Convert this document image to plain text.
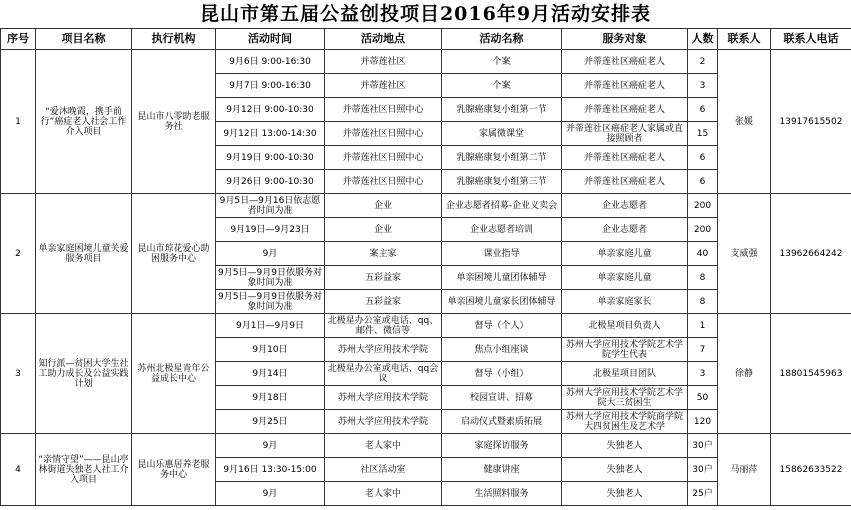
昆山市第五届公益创投项目2016年9月活动安排表
序号	项目名称	执行机构	活动时间	活动地点	活动名称	服务对象	人数	联系人	联系人电话
1	“爱沐晚霞，携手前行”癌症老人社会工作介入项目	昆山市八零助老服务社	9月6日 9:00-16:30	并蒂莲社区	个案	并蒂莲社区癌症老人	2	张媛	13917615502
			9月7日 9:00-16:30	并蒂莲社区	个案	并蒂莲社区癌症老人	3		
			9月12日 9:00-10:30	并蒂莲社区日照中心	乳腺癌康复小组第一节	并蒂莲社区癌症老人	6		
			9月12日 13:00-14:30	并蒂莲社区日照中心	家属微课堂	并蒂莲社区癌症老人家属或直接照顾者	15		
			9月19日 9:00-10:30	并蒂莲社区日照中心	乳腺癌康复小组第二节	并蒂莲社区癌症老人	6		
			9月26日 9:00-10:30	并蒂莲社区日照中心	乳腺癌康复小组第三节	并蒂莲社区癌症老人	6		
2	单亲家庭困境儿童关爱服务项目	昆山市琼花爱心助困服务中心	9月5日—9月16日依志愿者时间为准	企业	企业志愿者招募-企业义卖会	企业志愿者	200	支威强	13962664242
			9月19日—9月23日	企业	企业志愿者培训	企业志愿者	200		
			9月	案主家	课业指导	单亲家庭儿童	40		
			9月5日—9月9日依服务对象时间为准	五彩益家	单亲困境儿童团体辅导	单亲家庭儿童	8		
			9月5日—9月9日依服务对象时间为准	五彩益家	单亲困境儿童家长团体辅导	单亲家庭家长	8		
3	知行派—贫困大学生社工助力成长及公益实践计划	苏州北极星青年公益成长中心	9月1日—9月9日	北极星办公室或电话、qq、邮件、微信等	督导（个人）	北极星项目负责人	1	徐静	18801545963
			9月10日	苏州大学应用技术学院	焦点小组座谈	苏州大学应用技术学院艺术学院学生代表	7		
			9月14日	北极星办公室或电话、qq会议	督导（小组）	北极星项目团队	3		
			9月18日	苏州大学应用技术学院	校园宣讲、招募	苏州大学应用技术学院艺术学院大三贫困生	50		
			9月25日	苏州大学应用技术学院	启动仪式暨素质拓展	苏州大学应用技术学院商学院大四贫困生及艺术学	120		
4	“亲情守望”——昆山亭林街道失独老人社工介入项目	昆山乐惠居养老服务中心	9月	老人家中	家庭探访服务	失独老人	30户	马丽萍	15862633522
			9月16日 13:30-15:00	社区活动室	健康讲座	失独老人	30户		
			9月	老人家中	生活照料服务	失独老人	25户		
